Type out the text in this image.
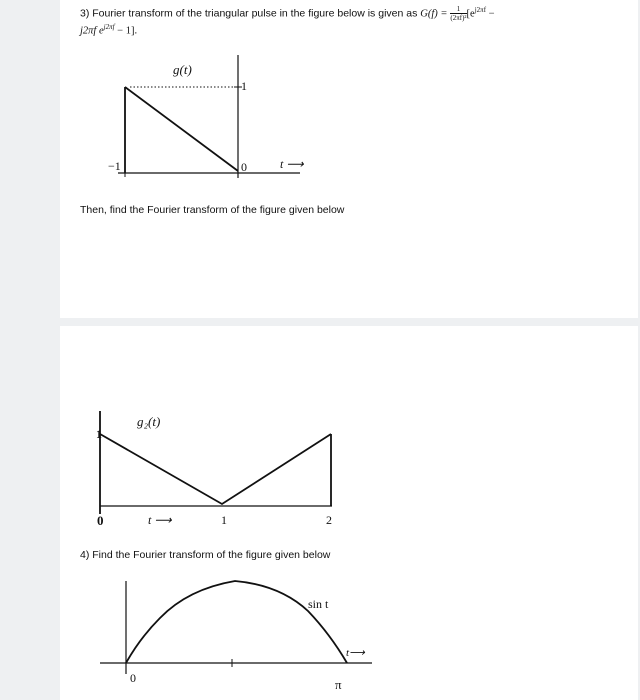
3) Fourier transform of the triangular pulse in the figure below is given as $G(f) = \frac{1}{\text{(2πf)²}} [e^{j2\pi f}$ −
j2πf $e^{j2\pi f} - 1$].
g(t)
1
−1	0	t ⟶
Then, find the Fourier transform of the figure given below
g₂(t)
1
0	1	2
t ⟶
4) Find the Fourier transform of the figure given below
sin t
0	π
t⟶
